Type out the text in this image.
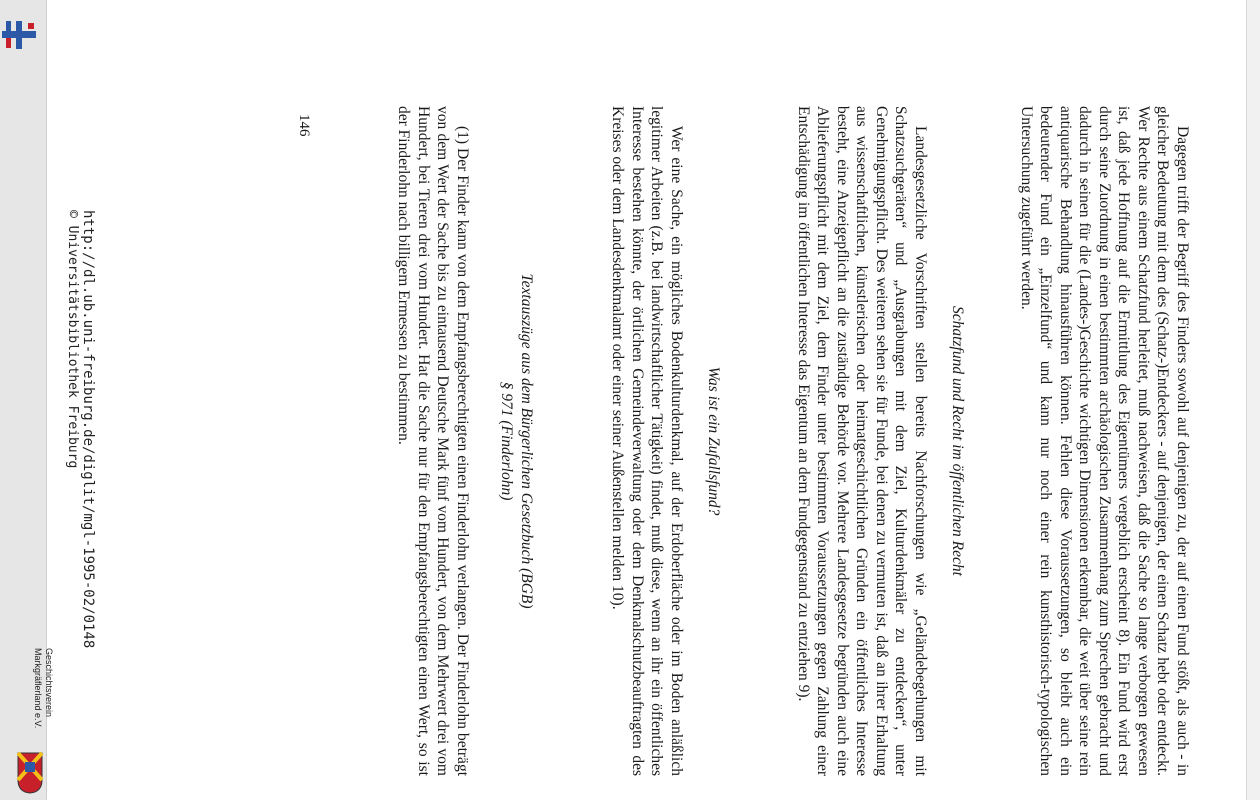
Dagegen trifft der Begriff des Finders sowohl auf denjenigen zu, der auf einen Fund stößt, als auch - in gleicher Bedeutung mit dem des (Schatz-)Entdeckers - auf denjenigen, der einen Schatz hebt oder entdeckt. Wer Rechte aus einem Schatzfund herleitet, muß nachweisen, daß die Sache so lange verborgen gewesen ist, daß jede Hoffnung auf die Ermittlung des Eigentümers vergeblich erscheint 8). Ein Fund wird erst durch seine Zuordnung in einen bestimmten archäologischen Zusammenhang zum Sprechen gebracht und dadurch in seinen für die (Landes-)Geschichte wichtigen Dimensionen erkennbar, die weit über seine rein antiquarische Behandlung hinausführen können. Fehlen diese Voraussetzungen, so bleibt auch ein bedeutender Fund ein „Einzelfund“ und kann nur noch einer rein kunsthistorisch-typologischen Untersuchung zugeführt werden.

Schatzfund und Recht im öffentlichen Recht

Landesgesetzliche Vorschriften stellen bereits Nachforschungen wie „Geländebegehungen mit Schatzsuchgeräten“ und „Ausgrabungen mit dem Ziel, Kulturdenkmäler zu entdecken“, unter Genehmigungspflicht. Des weiteren sehen sie für Funde, bei denen zu vermuten ist, daß an ihrer Erhaltung aus wissenschaftlichen, künstlerischen oder heimatgeschichtlichen Gründen ein öffentliches Interesse besteht, eine Anzeigepflicht an die zuständige Behörde vor. Mehrere Landesgesetze begründen auch eine Ablieferungspflicht mit dem Ziel, dem Finder unter bestimmten Voraussetzungen gegen Zahlung einer Entschädigung im öffentlichen Interesse das Eigentum an dem Fundgegenstand zu entziehen 9).

Was ist ein Zufallsfund?

Wer eine Sache, ein mögliches Bodenkulturdenkmal, auf der Erdoberfläche oder im Boden anläßlich legitimer Arbeiten (z.B. bei landwirtschaftlicher Tätigkeit) findet, muß diese, wenn an ihr ein öffentliches Interesse bestehen könnte, der örtlichen Gemeindeverwaltung oder dem Denkmalschutzbeauftragten des Kreises oder dem Landesdenkmalamt oder einer seiner Außenstellen melden 10).

Textauszüge aus dem Bürgerlichen Gesetzbuch (BGB)
§ 971 (Finderlohn)

(1) Der Finder kann von dem Empfangsberechtigten einen Finderlohn verlangen. Der Finderlohn beträgt von dem Wert der Sache bis zu eintausend Deutsche Mark fünf vom Hundert, von dem Mehrwert drei vom Hundert, bei Tieren drei vom Hundert. Hat die Sache nur für den Empfangsberechtigten einen Wert, so ist der Finderlohn nach billigem Ermessen zu bestimmen.

146
http://dl.ub.uni-freiburg.de/diglit/mgl-1995-02/0148
© Universitätsbibliothek Freiburg
Geschichtsverein
Markgräflerland e.V.
